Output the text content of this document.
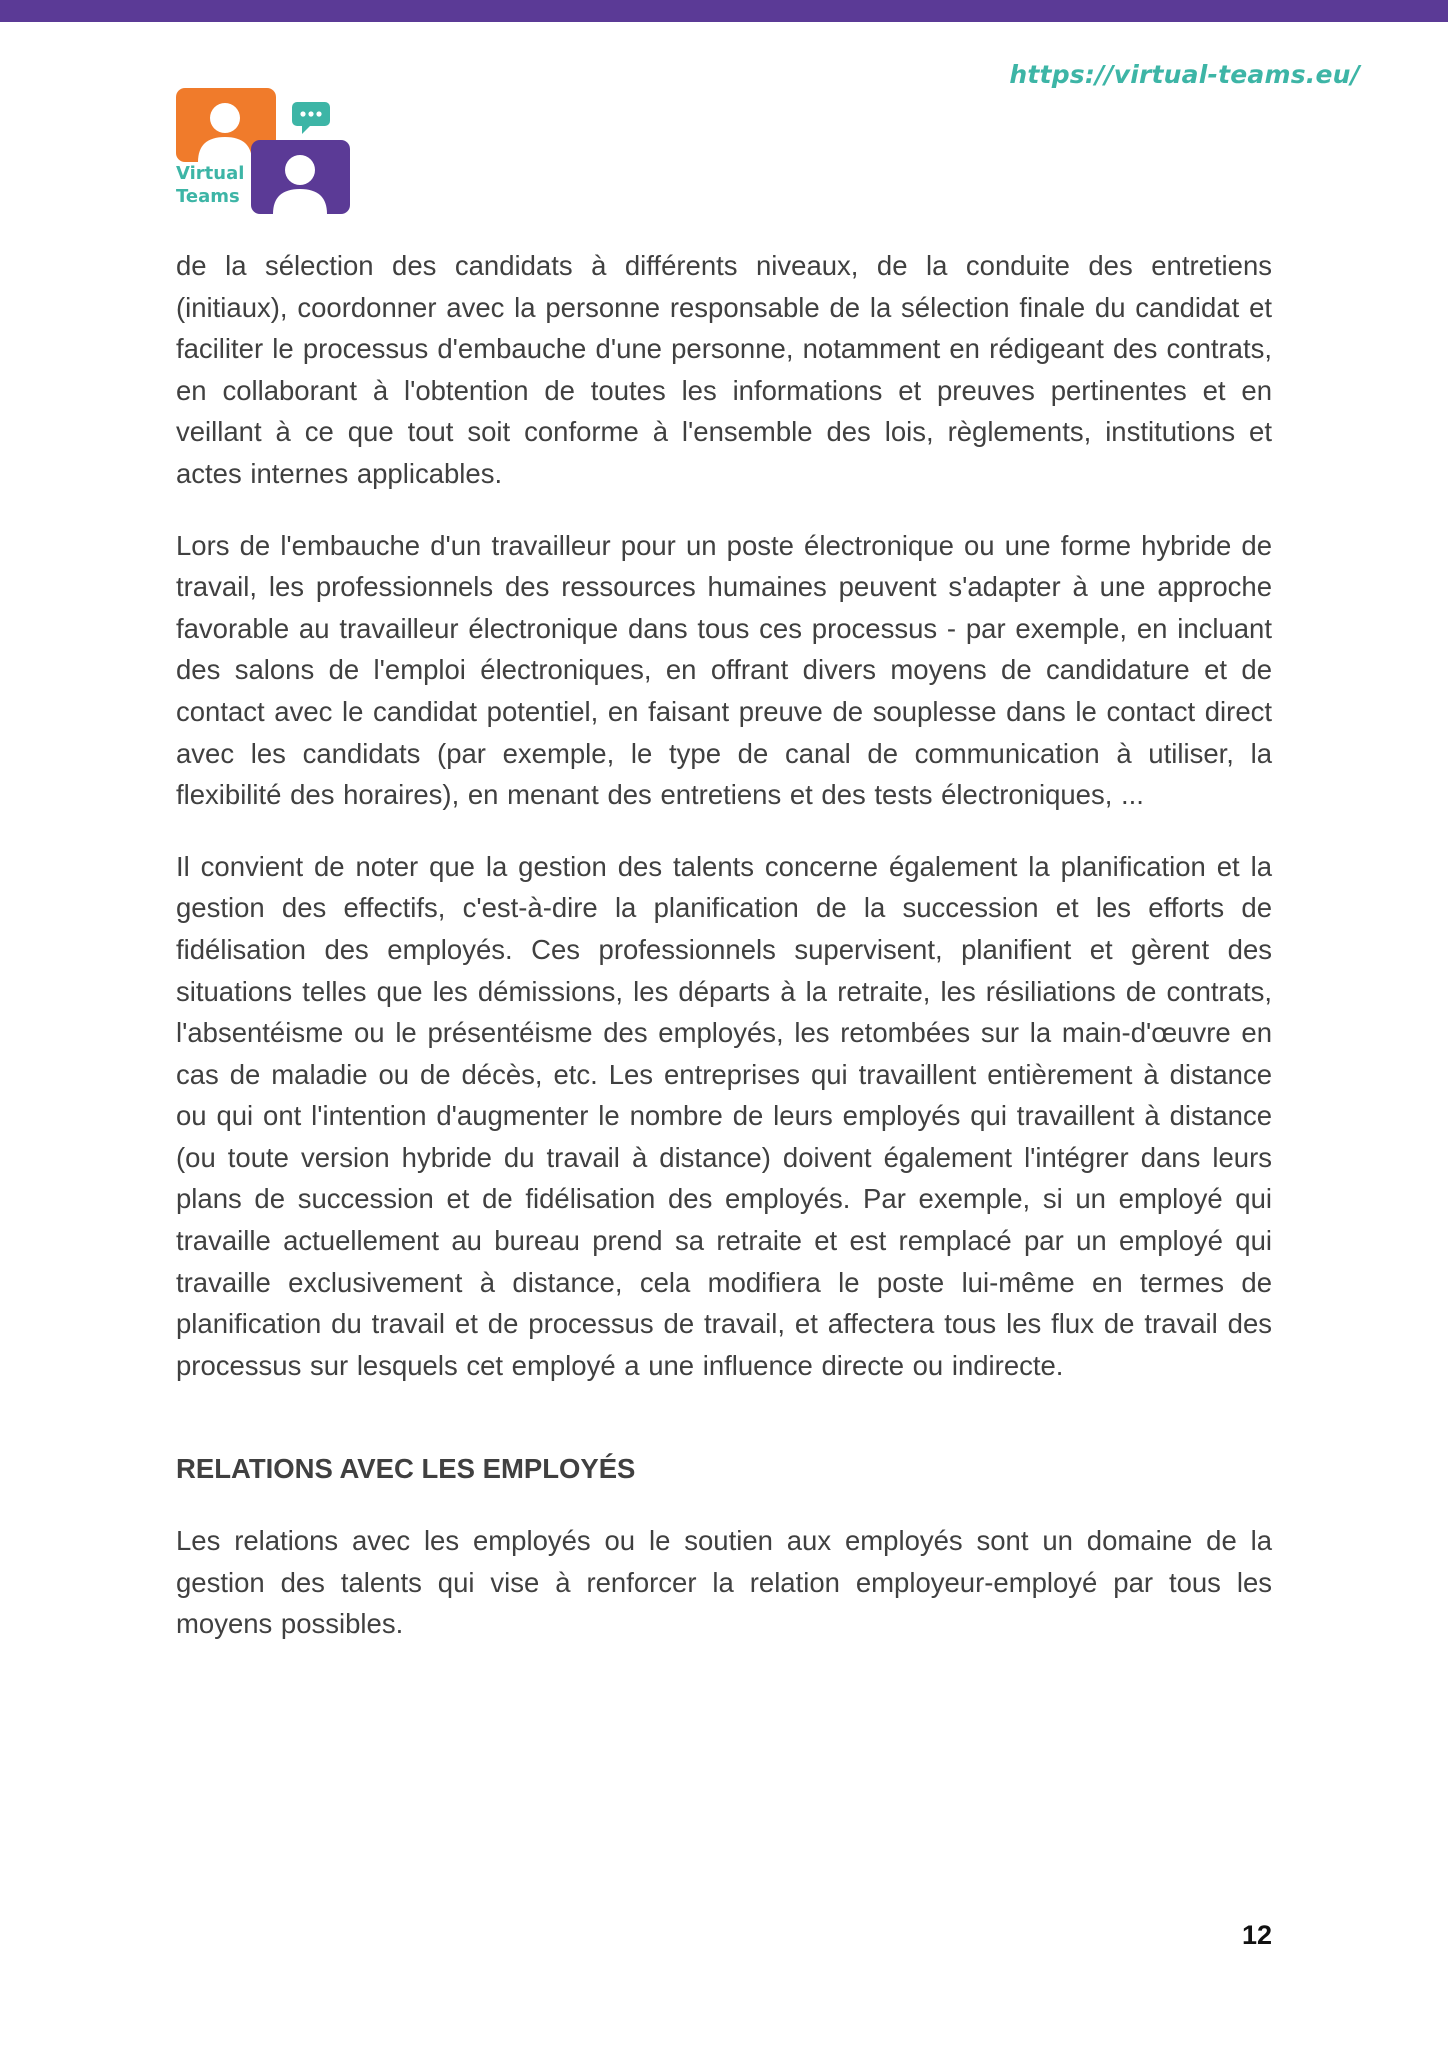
https://virtual-teams.eu/
Virtual
Teams

de la sélection des candidats à différents niveaux, de la conduite des entretiens (initiaux), coordonner avec la personne responsable de la sélection finale du candidat et faciliter le processus d'embauche d'une personne, notamment en rédigeant des contrats, en collaborant à l'obtention de toutes les informations et preuves pertinentes et en veillant à ce que tout soit conforme à l'ensemble des lois, règlements, institutions et actes internes applicables.

Lors de l'embauche d'un travailleur pour un poste électronique ou une forme hybride de travail, les professionnels des ressources humaines peuvent s'adapter à une approche favorable au travailleur électronique dans tous ces processus - par exemple, en incluant des salons de l'emploi électroniques, en offrant divers moyens de candidature et de contact avec le candidat potentiel, en faisant preuve de souplesse dans le contact direct avec les candidats (par exemple, le type de canal de communication à utiliser, la flexibilité des horaires), en menant des entretiens et des tests électroniques, ...

Il convient de noter que la gestion des talents concerne également la planification et la gestion des effectifs, c'est-à-dire la planification de la succession et les efforts de fidélisation des employés. Ces professionnels supervisent, planifient et gèrent des situations telles que les démissions, les départs à la retraite, les résiliations de contrats, l'absentéisme ou le présentéisme des employés, les retombées sur la main-d'œuvre en cas de maladie ou de décès, etc. Les entreprises qui travaillent entièrement à distance ou qui ont l'intention d'augmenter le nombre de leurs employés qui travaillent à distance (ou toute version hybride du travail à distance) doivent également l'intégrer dans leurs plans de succession et de fidélisation des employés. Par exemple, si un employé qui travaille actuellement au bureau prend sa retraite et est remplacé par un employé qui travaille exclusivement à distance, cela modifiera le poste lui-même en termes de planification du travail et de processus de travail, et affectera tous les flux de travail des processus sur lesquels cet employé a une influence directe ou indirecte.

RELATIONS AVEC LES EMPLOYÉS

Les relations avec les employés ou le soutien aux employés sont un domaine de la gestion des talents qui vise à renforcer la relation employeur-employé par tous les moyens possibles.

12
